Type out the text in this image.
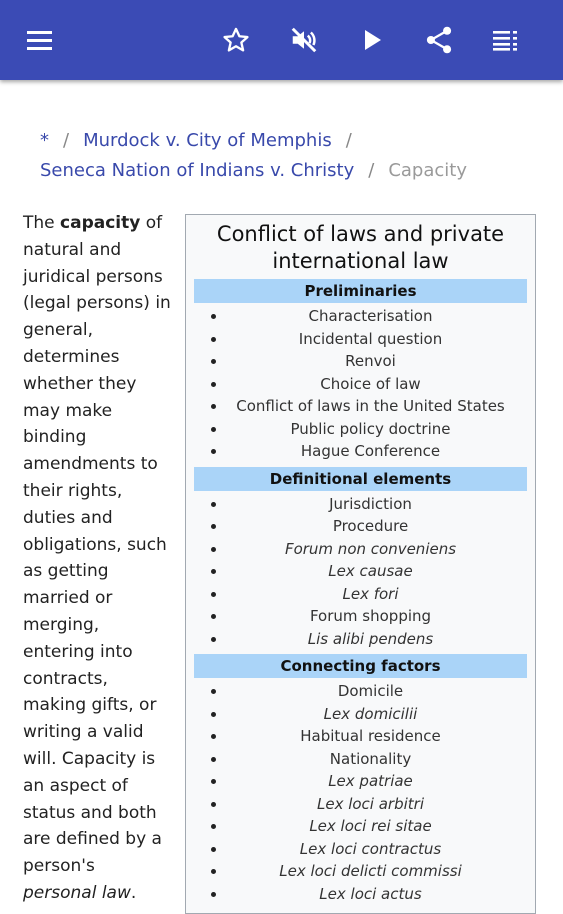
* / Murdock v. City of Memphis /
Seneca Nation of Indians v. Christy / Capacity
The capacity of natural and juridical persons (legal persons) in general, determines whether they may make binding amendments to their rights, duties and obligations, such as getting married or merging, entering into contracts, making gifts, or writing a valid will. Capacity is an aspect of status and both are defined by a person's personal law.
Conflict of laws and private international law
Preliminaries
Characterisation
Incidental question
Renvoi
Choice of law
Conflict of laws in the United States
Public policy doctrine
Hague Conference
Definitional elements
Jurisdiction
Procedure
Forum non conveniens
Lex causae
Lex fori
Forum shopping
Lis alibi pendens
Connecting factors
Domicile
Lex domicilii
Habitual residence
Nationality
Lex patriae
Lex loci arbitri
Lex loci rei sitae
Lex loci contractus
Lex loci delicti commissi
Lex loci actus
